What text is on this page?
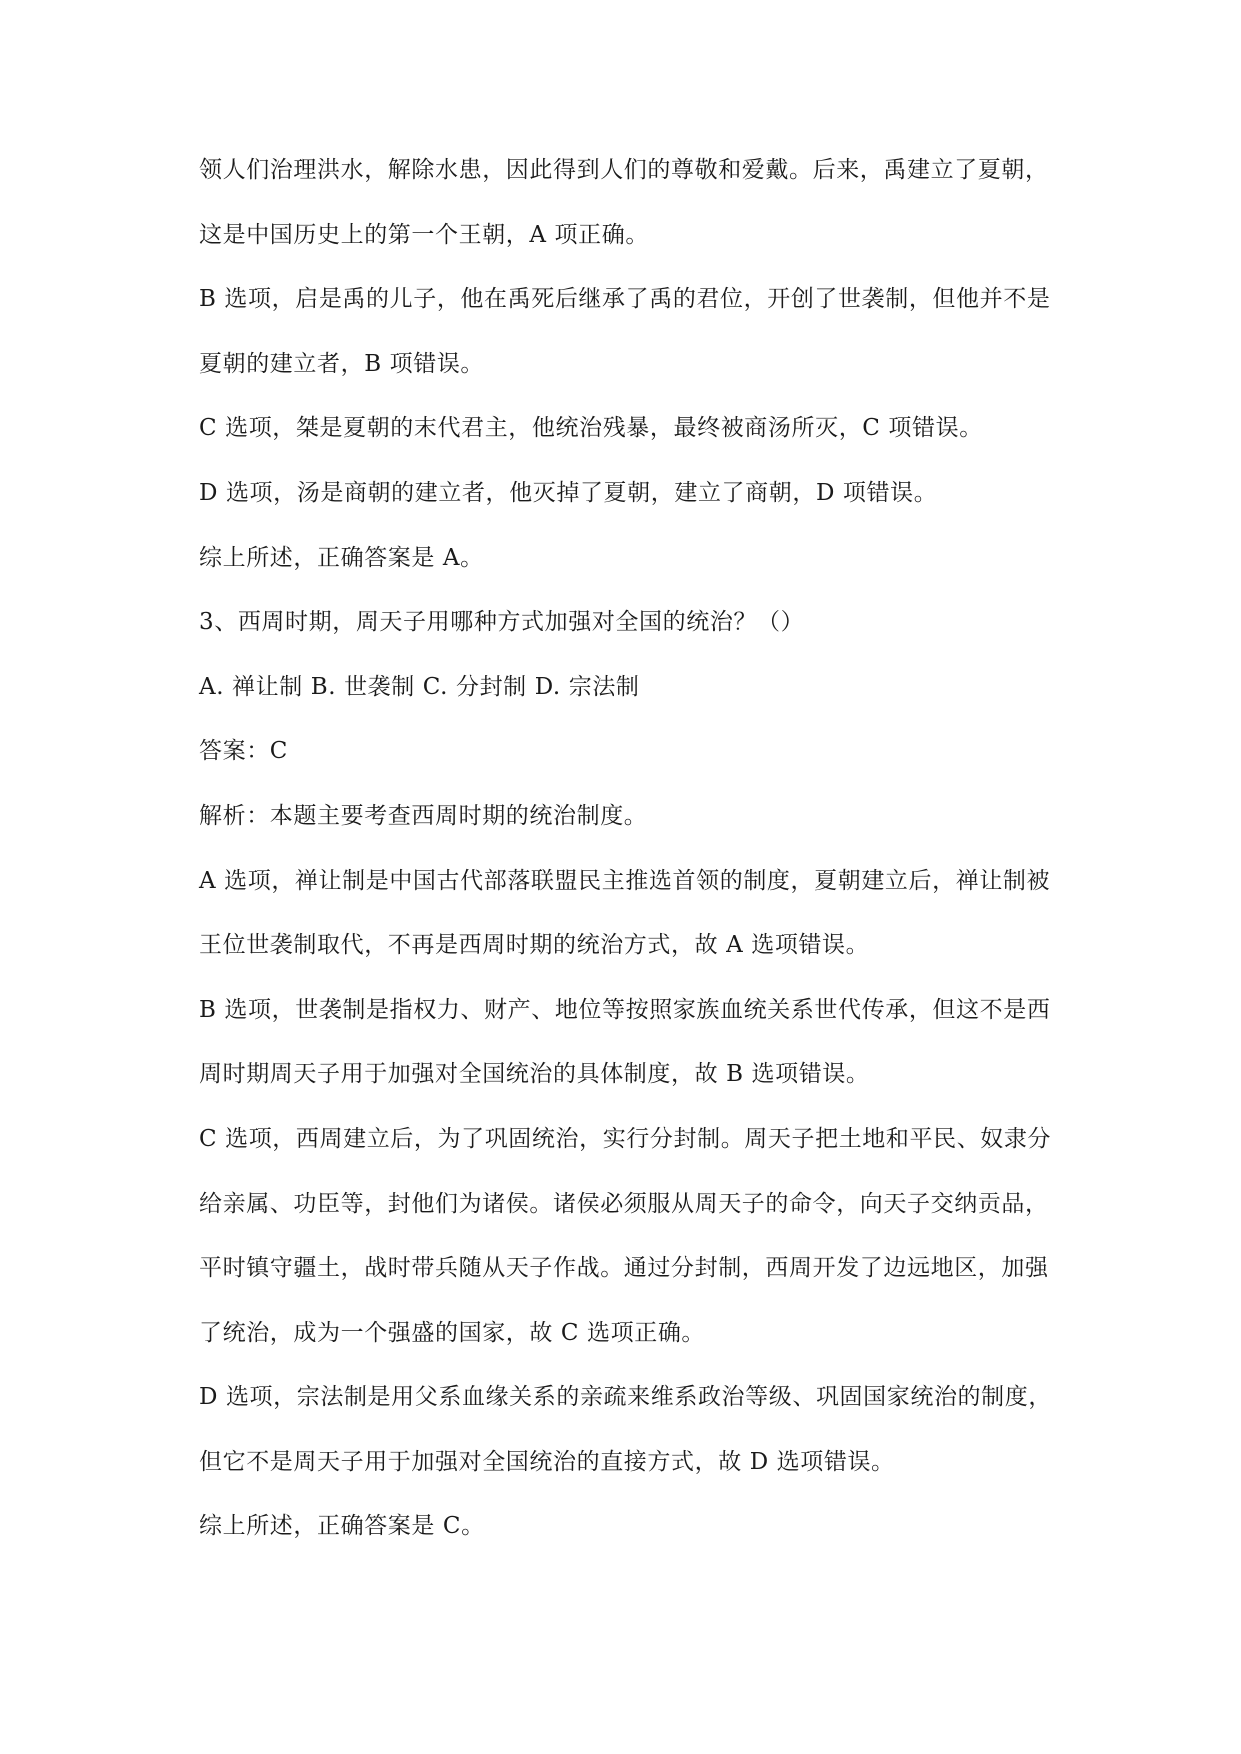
领人们治理洪水，解除水患，因此得到人们的尊敬和爱戴。后来，禹建立了夏朝，
这是中国历史上的第一个王朝，A 项正确。
B 选项，启是禹的儿子，他在禹死后继承了禹的君位，开创了世袭制，但他并不是
夏朝的建立者，B 项错误。
C 选项，桀是夏朝的末代君主，他统治残暴，最终被商汤所灭，C 项错误。
D 选项，汤是商朝的建立者，他灭掉了夏朝，建立了商朝，D 项错误。
综上所述，正确答案是 A。
3、西周时期，周天子用哪种方式加强对全国的统治？（）
A. 禅让制 B. 世袭制 C. 分封制 D. 宗法制
答案：C
解析：本题主要考查西周时期的统治制度。
A 选项，禅让制是中国古代部落联盟民主推选首领的制度，夏朝建立后，禅让制被
王位世袭制取代，不再是西周时期的统治方式，故 A 选项错误。
B 选项，世袭制是指权力、财产、地位等按照家族血统关系世代传承，但这不是西
周时期周天子用于加强对全国统治的具体制度，故 B 选项错误。
C 选项，西周建立后，为了巩固统治，实行分封制。周天子把土地和平民、奴隶分
给亲属、功臣等，封他们为诸侯。诸侯必须服从周天子的命令，向天子交纳贡品，
平时镇守疆土，战时带兵随从天子作战。通过分封制，西周开发了边远地区，加强
了统治，成为一个强盛的国家，故 C 选项正确。
D 选项，宗法制是用父系血缘关系的亲疏来维系政治等级、巩固国家统治的制度，
但它不是周天子用于加强对全国统治的直接方式，故 D 选项错误。
综上所述，正确答案是 C。
